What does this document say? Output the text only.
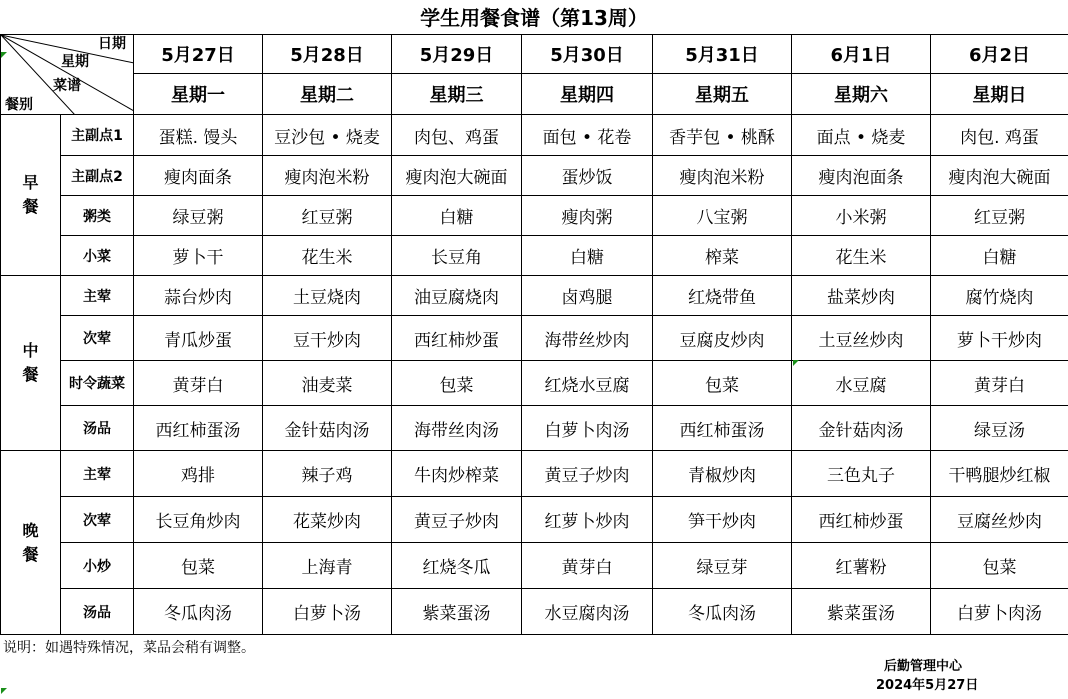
学生用餐食谱（第13周）
日期
星期
菜谱
餐别		5月27日	5月28日	5月29日	5月30日	5月31日	6月1日	6月2日
		星期一	星期二	星期三	星期四	星期五	星期六	星期日
早
餐	主副点1	蛋糕. 馒头	豆沙包 • 烧麦	肉包、鸡蛋	面包 • 花卷	香芋包 • 桃酥	面点 • 烧麦	肉包. 鸡蛋
	主副点2	瘦肉面条	瘦肉泡米粉	瘦肉泡大碗面	蛋炒饭	瘦肉泡米粉	瘦肉泡面条	瘦肉泡大碗面
	粥类	绿豆粥	红豆粥	白糖	瘦肉粥	八宝粥	小米粥	红豆粥
	小菜	萝卜干	花生米	长豆角	白糖	榨菜	花生米	白糖
中
餐	主荤	蒜台炒肉	土豆烧肉	油豆腐烧肉	卤鸡腿	红烧带鱼	盐菜炒肉	腐竹烧肉
	次荤	青瓜炒蛋	豆干炒肉	西红柿炒蛋	海带丝炒肉	豆腐皮炒肉	土豆丝炒肉	萝卜干炒肉
	时令蔬菜	黄芽白	油麦菜	包菜	红烧水豆腐	包菜	水豆腐	黄芽白
	汤品	西红柿蛋汤	金针菇肉汤	海带丝肉汤	白萝卜肉汤	西红柿蛋汤	金针菇肉汤	绿豆汤
晚
餐	主荤	鸡排	辣子鸡	牛肉炒榨菜	黄豆子炒肉	青椒炒肉	三色丸子	干鸭腿炒红椒
	次荤	长豆角炒肉	花菜炒肉	黄豆子炒肉	红萝卜炒肉	笋干炒肉	西红柿炒蛋	豆腐丝炒肉
	小炒	包菜	上海青	红烧冬瓜	黄芽白	绿豆芽	红薯粉	包菜
	汤品	冬瓜肉汤	白萝卜汤	紫菜蛋汤	水豆腐肉汤	冬瓜肉汤	紫菜蛋汤	白萝卜肉汤
说明：如遇特殊情况，菜品会稍有调整。
后勤管理中心
2024年5月27日
